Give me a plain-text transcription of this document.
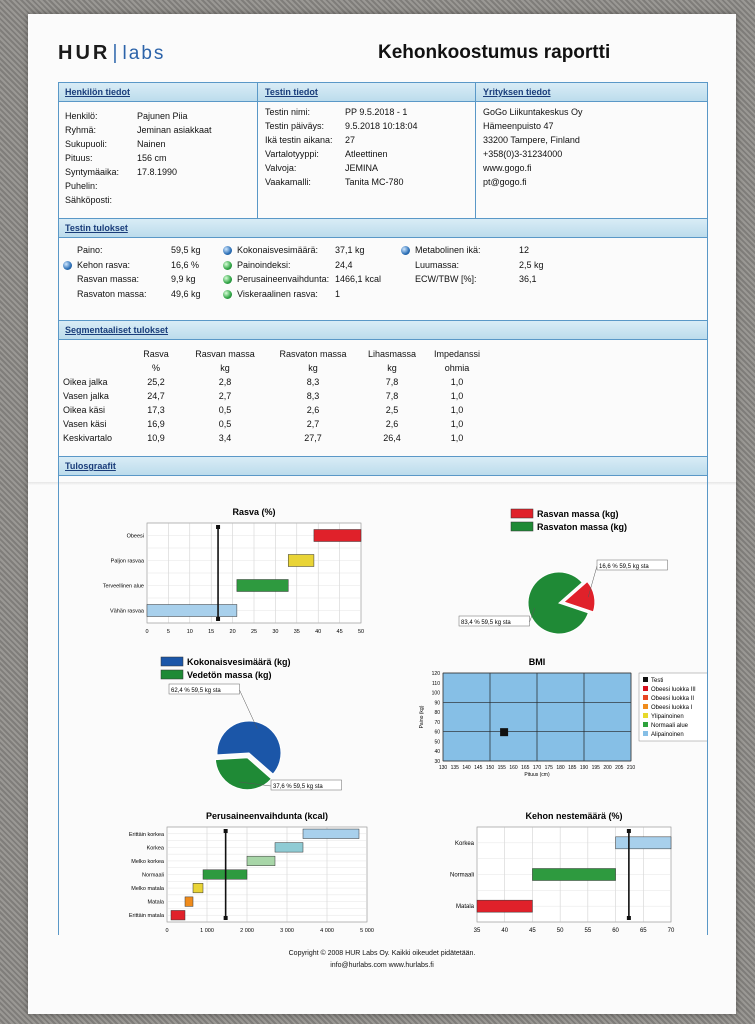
HUR | labs	Kehonkoostumus raportti
Henkilön tiedot	Testin tiedot	Yrityksen tiedot
Henkilö:	Pajunen Piia
Ryhmä:	Jeminan asiakkaat
Sukupuoli:	Nainen
Pituus:	156 cm
Syntymäaika:	17.8.1990
Puhelin:
Sähköposti:
Testin nimi:	PP 9.5.2018 - 1
Testin päiväys:	9.5.2018 10:18:04
Ikä testin aikana:	27
Vartalotyyppi:	Atleettinen
Valvoja:	JEMINA
Vaakamalli:	Tanita MC-780
GoGo Liikuntakeskus Oy
Hämeenpuisto 47
33200 Tampere, Finland
+358(0)3-31234000
www.gogo.fi
pt@gogo.fi
Testin tulokset
Paino:	59,5 kg
Kehon rasva:	16,6 %
Rasvan massa:	9,9 kg
Rasvaton massa:	49,6 kg
Kokonaisvesimäärä:	37,1 kg
Painoindeksi:	24,4
Perusaineenvaihdunta: 1466,1 kcal
Viskeraalinen rasva:	1
Metabolinen ikä:	12
Luumassa:	2,5 kg
ECW/TBW [%]:	36,1
Segmentaaliset tulokset
	Rasva	Rasvan massa	Rasvaton massa	Lihasmassa	Impedanssi
	%	kg	kg	kg	ohmia
Oikea jalka	25,2	2,8	8,3	7,8	1,0
Vasen jalka	24,7	2,7	8,3	7,8	1,0
Oikea käsi	17,3	0,5	2,6	2,5	1,0
Vasen käsi	16,9	0,5	2,7	2,6	1,0
Keskivartalo	10,9	3,4	27,7	26,4	1,0
Tulosgraafit
Rasva (%)
0	5	10	15	20	25	30	35	40	45	50
Obeesi
Paljon rasvaa
Terveellinen alue
Vähän rasvaa
Rasvan massa (kg)
Rasvaton massa (kg)
16,6 % 59,5 kg sta
83,4 % 59,5 kg sta
Kokonaisvesimäärä (kg)
Vedetön massa (kg)
62,4 % 59,5 kg sta
37,6 % 59,5 kg sta
BMI
130 135 140 145 150 155 160 165 170 175 180 185 190 195 200 205 210
120
110
100
90
80
70
60
50
40
30
Pituus (cm)
Paino (kg)
Testi
Obeesi luokka III
Obeesi luokka II
Obeesi luokka I
Ylipainoinen
Normaali alue
Alipainoinen
Perusaineenvaihdunta (kcal)
0	1 000	2 000	3 000	4 000	5 000
Erittäin korkea
Korkea
Melko korkea
Normaali
Melko matala
Matala
Erittäin matala
Kehon nestemäärä (%)
35	40	45	50	55	60	65	70
Korkea
Normaali
Matala
Copyright © 2008 HUR Labs Oy. Kaikki oikeudet pidätetään.
info@hurlabs.com www.hurlabs.fi
